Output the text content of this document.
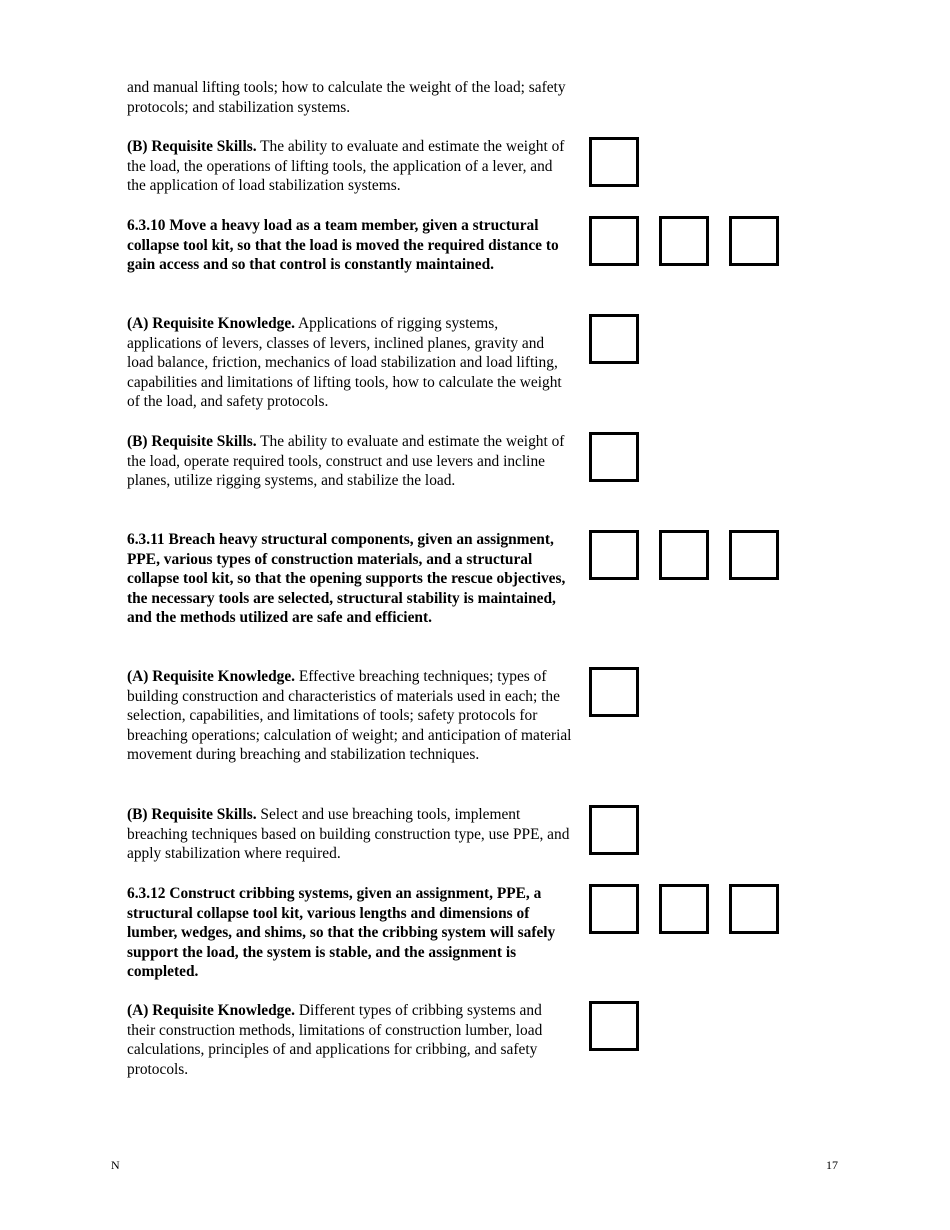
and manual lifting tools; how to calculate the weight of the load; safety protocols; and stabilization systems.

(B) Requisite Skills. The ability to evaluate and estimate the weight of the load, the operations of lifting tools, the application of a lever, and the application of load stabilization systems.

6.3.10 Move a heavy load as a team member, given a structural collapse tool kit, so that the load is moved the required distance to gain access and so that control is constantly maintained.

(A) Requisite Knowledge. Applications of rigging systems, applications of levers, classes of levers, inclined planes, gravity and load balance, friction, mechanics of load stabilization and load lifting, capabilities and limitations of lifting tools, how to calculate the weight of the load, and safety protocols.

(B) Requisite Skills. The ability to evaluate and estimate the weight of the load, operate required tools, construct and use levers and incline planes, utilize rigging systems, and stabilize the load.

6.3.11 Breach heavy structural components, given an assignment, PPE, various types of construction materials, and a structural collapse tool kit, so that the opening supports the rescue objectives, the necessary tools are selected, structural stability is maintained, and the methods utilized are safe and efficient.

(A) Requisite Knowledge. Effective breaching techniques; types of building construction and characteristics of materials used in each; the selection, capabilities, and limitations of tools; safety protocols for breaching operations; calculation of weight; and anticipation of material movement during breaching and stabilization techniques.

(B) Requisite Skills. Select and use breaching tools, implement breaching techniques based on building construction type, use PPE, and apply stabilization where required.

6.3.12 Construct cribbing systems, given an assignment, PPE, a structural collapse tool kit, various lengths and dimensions of lumber, wedges, and shims, so that the cribbing system will safely support the load, the system is stable, and the assignment is completed.

(A) Requisite Knowledge. Different types of cribbing systems and their construction methods, limitations of construction lumber, load calculations, principles of and applications for cribbing, and safety protocols.

N	17
